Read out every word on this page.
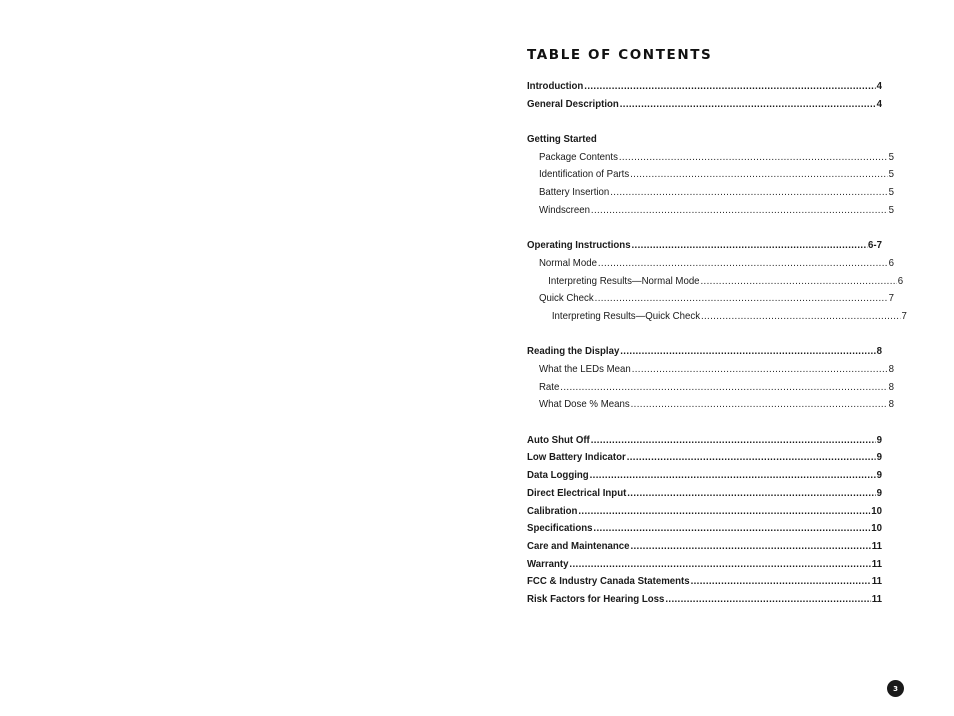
TABLE OF CONTENTS
Introduction .....	4
General Description .....	4
Getting Started
Package Contents .....	5
Identification of Parts .....	5
Battery Insertion .....	5
Windscreen .....	5
Operating Instructions .....	6-7
Normal Mode .....	6
Interpreting Results—Normal Mode .....	6
Quick Check .....	7
Interpreting Results—Quick Check .....	7
Reading the Display .....	8
What the LEDs Mean .....	8
Rate .....	8
What Dose % Means .....	8
Auto Shut Off .....	9
Low Battery Indicator .....	9
Data Logging .....	9
Direct Electrical Input .....	9
Calibration .....	10
Specifications .....	10
Care and Maintenance .....	11
Warranty .....	11
FCC & Industry Canada Statements .....	11
Risk Factors for Hearing Loss .....	11
3
